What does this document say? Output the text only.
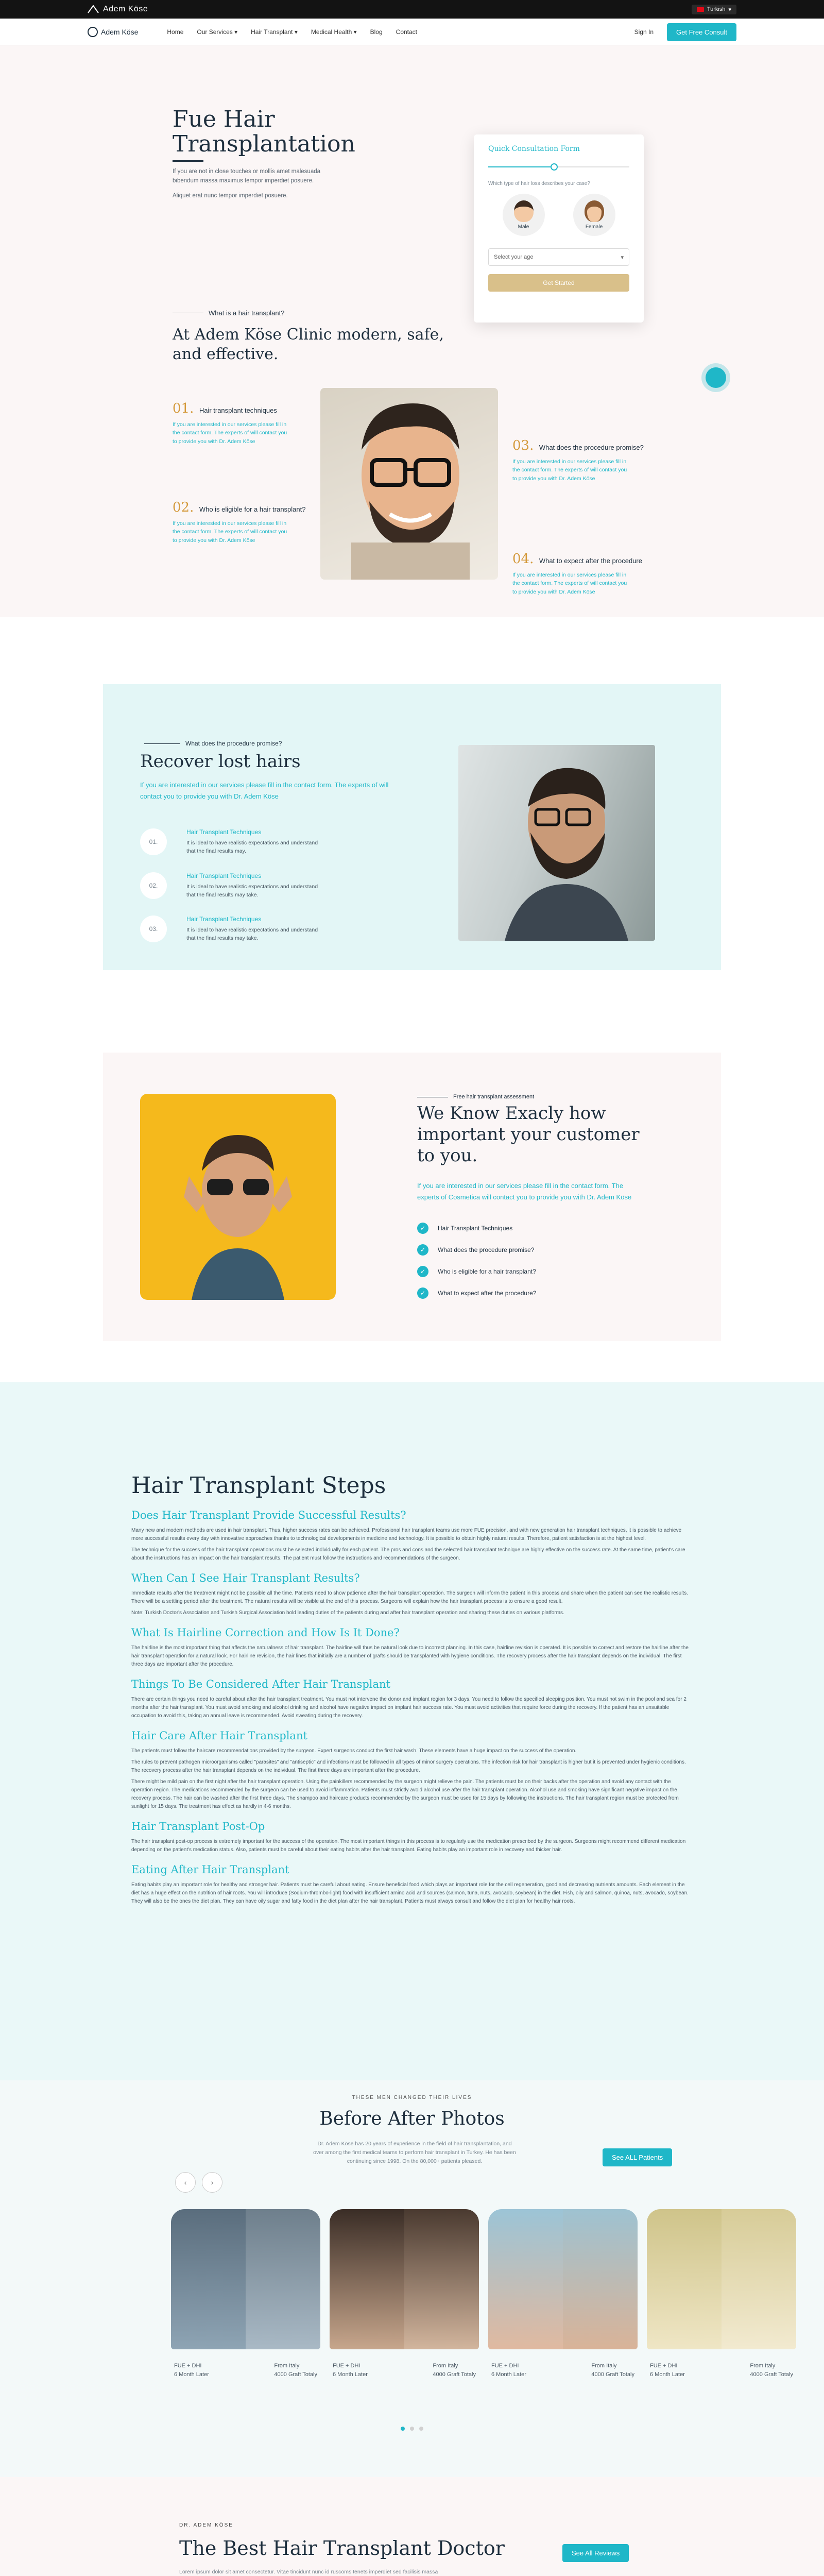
Adem Köse	Turkish ▾
Adem Köse	Home Our Services ▾ Hair Transplant ▾ Medical Health ▾ Blog Contact	Sign In	Get Free Consult
Fue Hair Transplantation

If you are not in close touches or mollis amet malesuada bibendum massa maximus tempor imperdiet posuere.

Aliquet erat nunc tempor imperdiet posuere.

Quick Consultation Form
Which type of hair loss describes your case?
Male	Female
Select your age	▾
Get Started
What is a hair transplant?
At Adem Köse Clinic modern, safe, and effective.
01. Hair transplant techniques

If you are interested in our services please fill in the contact form. The experts of will contact you to provide you with Dr. Adem Köse

02. Who is eligible for a hair transplant?

If you are interested in our services please fill in the contact form. The experts of will contact you to provide you with Dr. Adem Köse

03. What does the procedure promise?

If you are interested in our services please fill in the contact form. The experts of will contact you to provide you with Dr. Adem Köse

04. What to expect after the procedure

If you are interested in our services please fill in the contact form. The experts of will contact you to provide you with Dr. Adem Köse

What does the procedure promise?
Recover lost hairs

If you are interested in our services please fill in the contact form. The experts of will contact you to provide you with Dr. Adem Köse

01.
Hair Transplant Techniques

It is ideal to have realistic expectations and understand that the final results may.

02.
Hair Transplant Techniques

It is ideal to have realistic expectations and understand that the final results may take.

03.
Hair Transplant Techniques

It is ideal to have realistic expectations and understand that the final results may take.

Free hair transplant assessment
We Know Exacly how important your customer to you.

If you are interested in our services please fill in the contact form. The experts of Cosmetica will contact you to provide you with Dr. Adem Köse

✓	Hair Transplant Techniques
✓	What does the procedure promise?
✓	Who is eligible for a hair transplant?
✓	What to expect after the procedure?
Hair Transplant Steps
Does Hair Transplant Provide Successful Results?

Many new and modern methods are used in hair transplant. Thus, higher success rates can be achieved. Professional hair transplant teams use more FUE precision, and with new generation hair transplant techniques, it is possible to achieve more successful results every day with innovative approaches thanks to technological developments in medicine and technology. It is possible to obtain highly natural results. Therefore, patient satisfaction is at the highest level.

The technique for the success of the hair transplant operations must be selected individually for each patient. The pros and cons and the selected hair transplant technique are highly effective on the success rate. At the same time, patient's care about the instructions has an impact on the hair transplant results. The patient must follow the instructions and recommendations of the surgeon.

When Can I See Hair Transplant Results?

Immediate results after the treatment might not be possible all the time. Patients need to show patience after the hair transplant operation. The surgeon will inform the patient in this process and share when the patient can see the realistic results. There will be a settling period after the treatment. The natural results will be visible at the end of this process. Surgeons will explain how the hair transplant process is to ensure a good result.

Note: Turkish Doctor's Association and Turkish Surgical Association hold leading duties of the patients during and after hair transplant operation and sharing these duties on various platforms.

What Is Hairline Correction and How Is It Done?

The hairline is the most important thing that affects the naturalness of hair transplant. The hairline will thus be natural look due to incorrect planning. In this case, hairline revision is operated. It is possible to correct and restore the hairline after the hair transplant operation for a natural look. For hairline revision, the hair lines that initially are a number of grafts should be transplanted with hygiene conditions. The recovery process after the hair transplant depends on the individual. The first three days are important after the procedure.

Things To Be Considered After Hair Transplant

There are certain things you need to careful about after the hair transplant treatment. You must not intervene the donor and implant region for 3 days. You need to follow the specified sleeping position. You must not swim in the pool and sea for 2 months after the hair transplant. You must avoid smoking and alcohol drinking and alcohol have negative impact on implant hair success rate. You must avoid activities that require force during the recovery. If the patient has an unsuitable occupation to avoid this, taking an annual leave is recommended. Avoid sweating during the recovery.

Hair Care After Hair Transplant

The patients must follow the haircare recommendations provided by the surgeon. Expert surgeons conduct the first hair wash. These elements have a huge impact on the success of the operation.

The rules to prevent pathogen microorganisms called "parasites" and "antiseptic" and infections must be followed in all types of minor surgery operations. The infection risk for hair transplant is higher but it is prevented under hygienic conditions. The recovery process after the hair transplant depends on the individual. The first three days are important after the procedure.

There might be mild pain on the first night after the hair transplant operation. Using the painkillers recommended by the surgeon might relieve the pain. The patients must be on their backs after the operation and avoid any contact with the operation region. The medications recommended by the surgeon can be used to avoid inflammation. Patients must strictly avoid alcohol use after the hair transplant operation. Alcohol use and smoking have significant negative impact on the recovery process. The hair can be washed after the first three days. The shampoo and haircare products recommended by the surgeon must be used for 15 days by following the instructions. The hair transplant region must be protected from sunlight for 15 days. The treatment has effect as hardly in 4-6 months.

Hair Transplant Post-Op

The hair transplant post-op process is extremely important for the success of the operation. The most important things in this process is to regularly use the medication prescribed by the surgeon. Surgeons might recommend different medication depending on the patient's medication status. Also, patients must be careful about their eating habits after the hair transplant. Eating habits play an important role in recovery and thicker hair.

Eating After Hair Transplant

Eating habits play an important role for healthy and stronger hair. Patients must be careful about eating. Ensure beneficial food which plays an important role for the cell regeneration, good and decreasing nutrients amounts. Each element in the diet has a huge effect on the nutrition of hair roots. You will introduce (Sodium-thrombo-light) food with insufficient amino acid and sources (salmon, tuna, nuts, avocado, soybean) in the diet. Fish, oily and salmon, quinoa, nuts, avocado, soybean. They will also be the ones the diet plan. They can have oily sugar and fatty food in the diet plan after the hair transplant. Patients must always consult and follow the diet plan for healthy hair roots.

THESE MEN CHANGED THEIR LIVES
Before After Photos

Dr. Adem Köse has 20 years of experience in the field of hair transplantation, and over among the first medical teams to perform hair transplant in Turkey. He has been continuing since 1998. On the 80,000+ patients pleased.	See ALL Patients
‹	›
FUE + DHI
6 Month Later
From Italy
4000 Graft Totaly
FUE + DHI
6 Month Later
From Italy
4000 Graft Totaly
FUE + DHI
6 Month Later
From Italy
4000 Graft Totaly
FUE + DHI
6 Month Later
From Italy
4000 Graft Totaly
DR. ADEM KÖSE
The Best Hair Transplant Doctor

Lorem ipsum dolor sit amet consectetur. Vitae tincidunt nunc id ruscoms tenets imperdiet sed facilisis massa

See All Reviews
